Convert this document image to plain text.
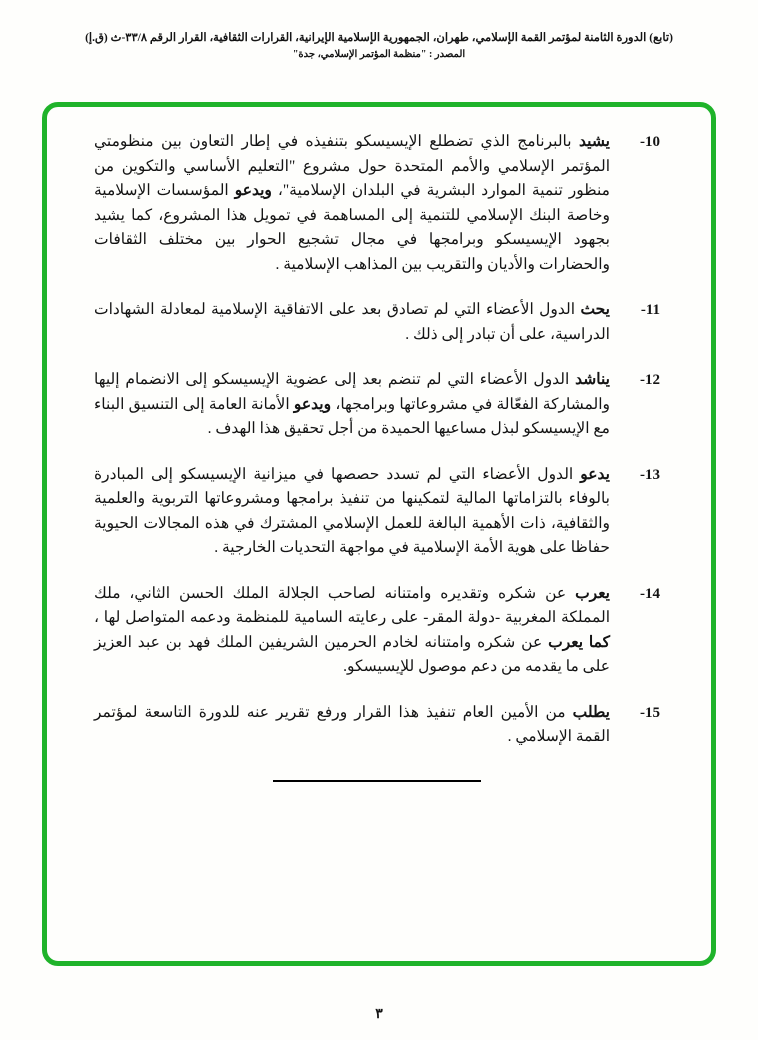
(تابع) الدورة الثامنة لمؤتمر القمة الإسلامي، طهران، الجمهورية الإسلامية الإيرانية، القرارات الثقافية، القرار الرقم ٣٣/٨-ث (ق.إ)
المصدر : "منظمة المؤتمر الإسلامي، جدة"
-10

يشيد بالبرنامج الذي تضطلع الإيسيسكو بتنفيذه في إطار التعاون بين منظومتي المؤتمر الإسلامي والأمم المتحدة حول مشروع "التعليم الأساسي والتكوين من منظور تنمية الموارد البشرية في البلدان الإسلامية"، ويدعو المؤسسات الإسلامية وخاصة البنك الإسلامي للتنمية إلى المساهمة في تمويل هذا المشروع، كما يشيد بجهود الإيسيسكو وبرامجها في مجال تشجيع الحوار بين مختلف الثقافات والحضارات والأديان والتقريب بين المذاهب الإسلامية .

-11

يحث الدول الأعضاء التي لم تصادق بعد على الاتفاقية الإسلامية لمعادلة الشهادات الدراسية، على أن تبادر إلى ذلك .

-12

يناشد الدول الأعضاء التي لم تنضم بعد إلى عضوية الإيسيسكو إلى الانضمام إليها والمشاركة الفعّالة في مشروعاتها وبرامجها، ويدعو الأمانة العامة إلى التنسيق البناء مع الإيسيسكو لبذل مساعيها الحميدة من أجل تحقيق هذا الهدف .

-13

يدعو الدول الأعضاء التي لم تسدد حصصها في ميزانية الإيسيسكو إلى المبادرة بالوفاء بالتزاماتها المالية لتمكينها من تنفيذ برامجها ومشروعاتها التربوية والعلمية والثقافية، ذات الأهمية البالغة للعمل الإسلامي المشترك في هذه المجالات الحيوية حفاظا على هوية الأمة الإسلامية في مواجهة التحديات الخارجية .

-14

يعرب عن شكره وتقديره وامتنانه لصاحب الجلالة الملك الحسن الثاني، ملك المملكة المغربية -دولة المقر- على رعايته السامية للمنظمة ودعمه المتواصل لها ، كما يعرب عن شكره وامتنانه لخادم الحرمين الشريفين الملك فهد بن عبد العزيز على ما يقدمه من دعم موصول للإيسيسكو.

-15

يطلب من الأمين العام تنفيذ هذا القرار ورفع تقرير عنه للدورة التاسعة لمؤتمر القمة الإسلامي .

٣
